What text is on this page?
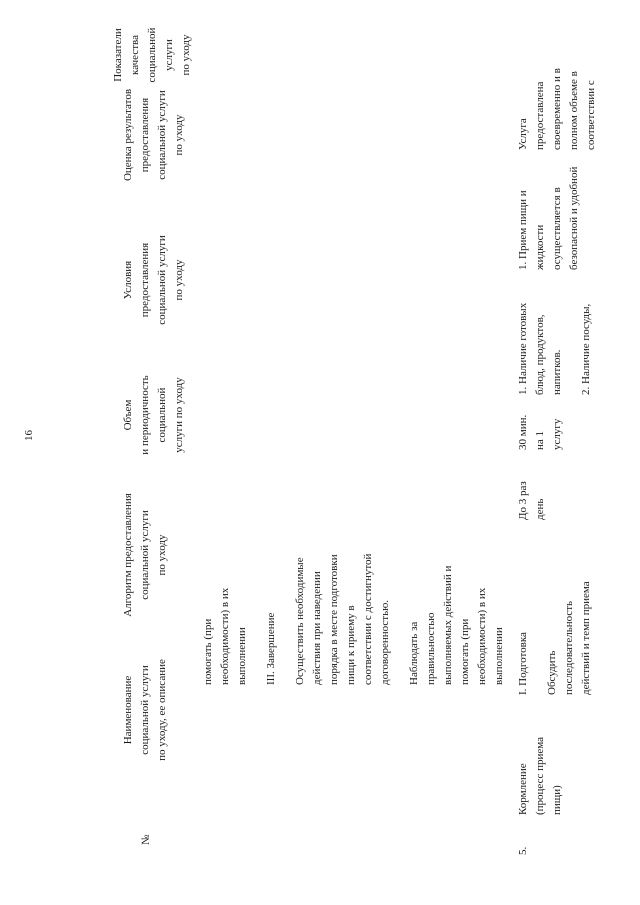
16
№
Наименование социальной услуги по уходу, ее описание
Алгоритм предоставления социальной услуги по уходу
Объем и периодичность социальной услуги по уходу
Условия предоставления социальной услуги по уходу
Оценка результатов предоставления социальной услуги по уходу
Показатели качества социальной услуги по уходу
помогать (при необходимости) в их выполнении III. Завершение Осуществить необходимые действия при наведении порядка в месте подготовки пищи к приему в соответствии с достигнутой договоренностью. Наблюдать за правильностью выполняемых действий и помогать (при необходимости) в их выполнении
5.
Кормление (процесс приема пищи)
I. Подготовка Обсудить последовательность действий и темп приема
До 3 раз день
30 мин. на 1 услугу
1. Наличие готовых блюд, продуктов, напитков. 2. Наличие посуды,
1. Прием пищи и жидкости осуществляется в безопасной и удобной
Услуга предоставлена своевременно и в полном объеме в соответствии с
